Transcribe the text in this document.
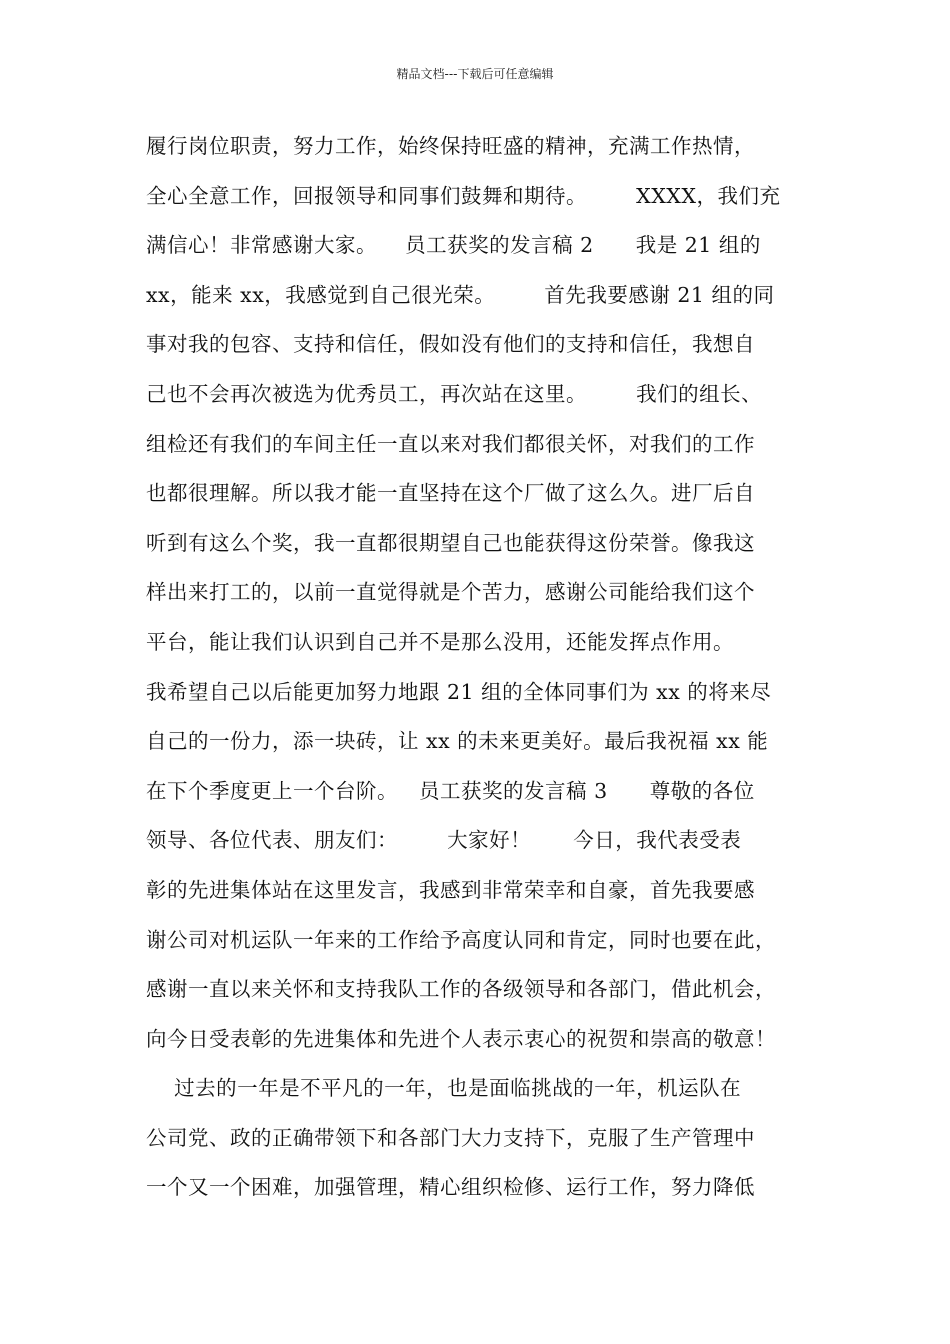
精品文档---下载后可任意编辑
履行岗位职责，努力工作，始终保持旺盛的精神，充满工作热情，
全心全意工作，回报领导和同事们鼓舞和期待。       XXXX，我们充
满信心！非常感谢大家。    员工获奖的发言稿 2      我是 21 组的
xx，能来 xx，我感觉到自己很光荣。       首先我要感谢 21 组的同
事对我的包容、支持和信任，假如没有他们的支持和信任，我想自
己也不会再次被选为优秀员工，再次站在这里。       我们的组长、
组检还有我们的车间主任一直以来对我们都很关怀，对我们的工作
也都很理解。所以我才能一直坚持在这个厂做了这么久。进厂后自
听到有这么个奖，我一直都很期望自己也能获得这份荣誉。像我这
样出来打工的，以前一直觉得就是个苦力，感谢公司能给我们这个
平台，能让我们认识到自己并不是那么没用，还能发挥点作用。
我希望自己以后能更加努力地跟 21 组的全体同事们为 xx 的将来尽
自己的一份力，添一块砖，让 xx 的未来更美好。最后我祝福 xx 能
在下个季度更上一个台阶。   员工获奖的发言稿 3      尊敬的各位
领导、各位代表、朋友们：       大家好！      今日，我代表受表
彰的先进集体站在这里发言，我感到非常荣幸和自豪，首先我要感
谢公司对机运队一年来的工作给予高度认同和肯定，同时也要在此，
感谢一直以来关怀和支持我队工作的各级领导和各部门，借此机会，
向今日受表彰的先进集体和先进个人表示衷心的祝贺和崇高的敬意！
过去的一年是不平凡的一年，也是面临挑战的一年，机运队在
公司党、政的正确带领下和各部门大力支持下，克服了生产管理中
一个又一个困难，加强管理，精心组织检修、运行工作，努力降低
